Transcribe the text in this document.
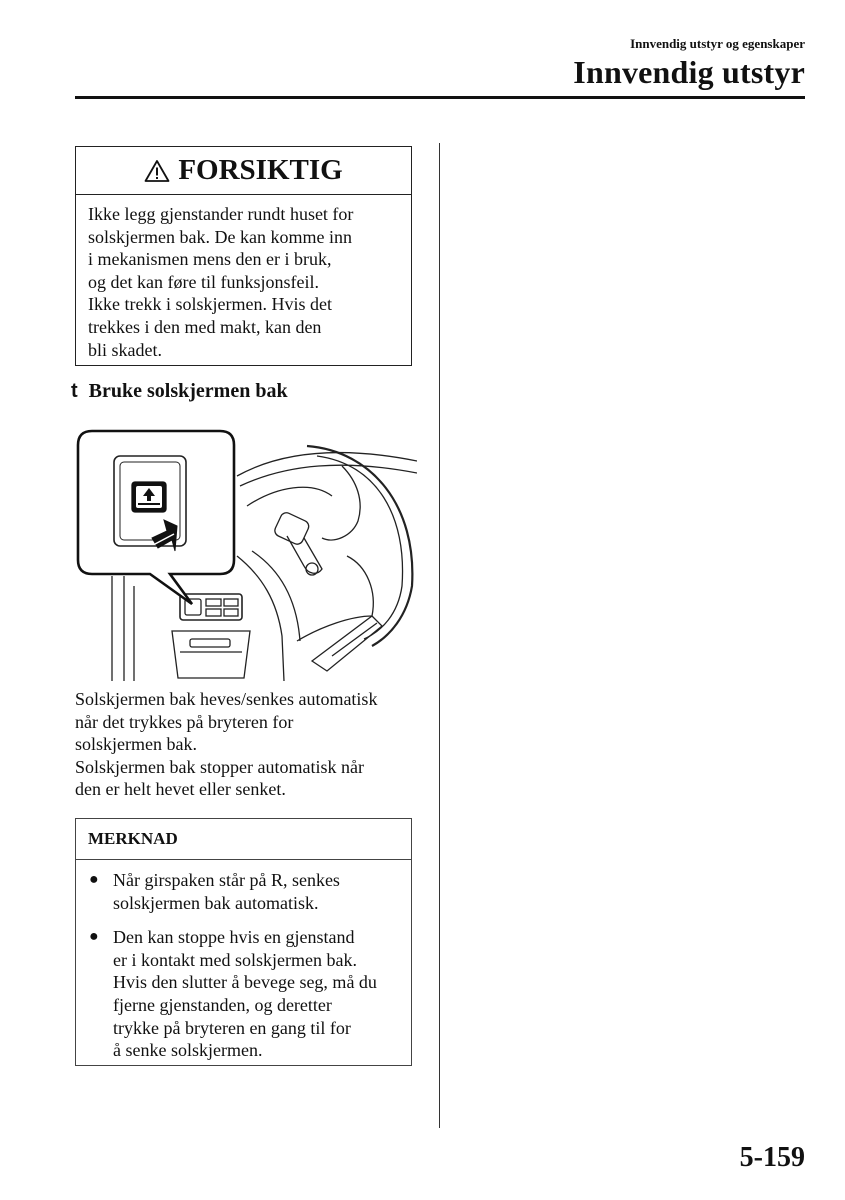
Innvendig utstyr og egenskaper
Innvendig utstyr
FORSIKTIG
Ikke legg gjenstander rundt huset for
solskjermen bak. De kan komme inn
i mekanismen mens den er i bruk,
og det kan føre til funksjonsfeil.
Ikke trekk i solskjermen. Hvis det
trekkes i den med makt, kan den
bli skadet.
t Bruke solskjermen bak
Solskjermen bak heves/senkes automatisk
når det trykkes på bryteren for
solskjermen bak.
Solskjermen bak stopper automatisk når
den er helt hevet eller senket.
MERKNAD
● Når girspaken står på R, senkes
solskjermen bak automatisk.
● Den kan stoppe hvis en gjenstand
er i kontakt med solskjermen bak.
Hvis den slutter å bevege seg, må du
fjerne gjenstanden, og deretter
trykke på bryteren en gang til for
å senke solskjermen.
5-159
